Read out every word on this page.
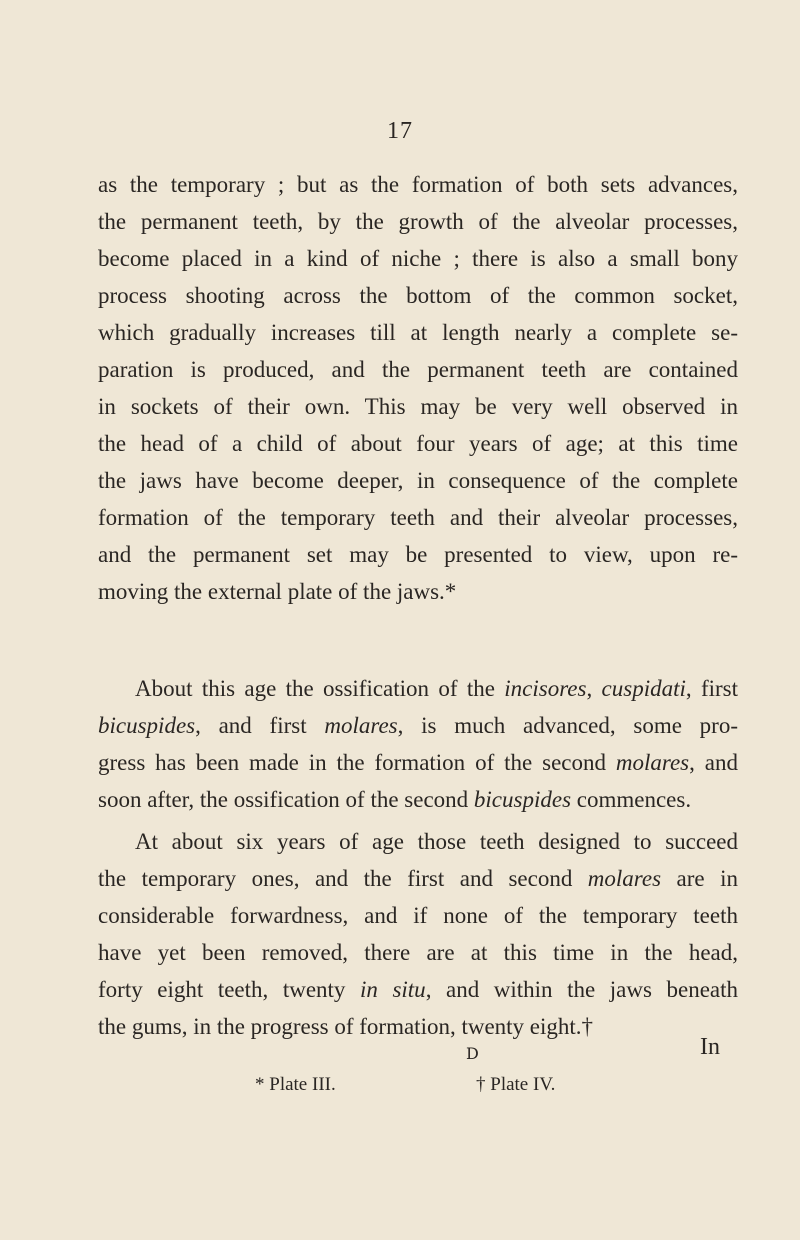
17
as the temporary ; but as the formation of both sets advances,
the permanent teeth, by the growth of the alveolar processes,
become placed in a kind of niche ; there is also a small bony
process shooting across the bottom of the common socket,
which gradually increases till at length nearly a complete se-
paration is produced, and the permanent teeth are contained
in sockets of their own. This may be very well observed in
the head of a child of about four years of age; at this time
the jaws have become deeper, in consequence of the complete
formation of the temporary teeth and their alveolar processes,
and the permanent set may be presented to view, upon re-
moving the external plate of the jaws.*
About this age the ossification of the incisores, cuspidati, first
bicuspides, and first molares, is much advanced, some pro-
gress has been made in the formation of the second molares, and
soon after, the ossification of the second bicuspides commences.
At about six years of age those teeth designed to succeed
the temporary ones, and the first and second molares are in
considerable forwardness, and if none of the temporary teeth
have yet been removed, there are at this time in the head,
forty eight teeth, twenty in situ, and within the jaws beneath
the gums, in the progress of formation, twenty eight.†
D	In
* Plate III.	† Plate IV.
